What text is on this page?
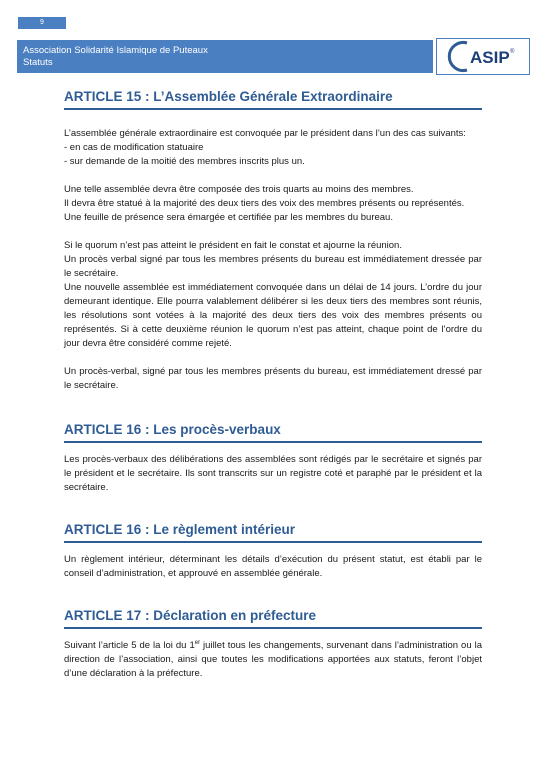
9
Association Solidarité Islamique de Puteaux
Statuts	ASIP ®
ARTICLE 15 : L’Assemblée Générale Extraordinaire

L’assemblée générale extraordinaire est convoquée par le président dans l’un des cas suivants:

- en cas de modification statuaire

- sur demande de la moitié des membres inscrits plus un.

Une telle assemblée devra être composée des trois quarts au moins des membres.

Il devra être statué à la majorité des deux tiers des voix des membres présents ou représentés.

Une feuille de présence sera émargée et certifiée par les membres du bureau.

Si le quorum n’est pas atteint le président en fait le constat et ajourne la réunion.

Un procès verbal signé par tous les membres présents du bureau est immédiatement dressée par le secrétaire.

Une nouvelle assemblée est immédiatement convoquée dans un délai de 14 jours. L’ordre du jour demeurant identique. Elle pourra valablement délibérer si les deux tiers des membres sont réunis, les résolutions sont votées à la majorité des deux tiers des voix des membres présents ou représentés. Si à cette deuxième réunion le quorum n’est pas atteint, chaque point de l’ordre du jour devra être considéré comme rejeté.

Un procès-verbal, signé par tous les membres présents du bureau, est immédiatement dressé par le secrétaire.

ARTICLE 16 : Les procès-verbaux

Les procès-verbaux des délibérations des assemblées sont rédigés par le secrétaire et signés par le président et le secrétaire. Ils sont transcrits sur un registre coté et paraphé par le président et la secrétaire.

ARTICLE 16 : Le règlement intérieur

Un règlement intérieur, déterminant les détails d’exécution du présent statut, est établi par le conseil d’administration, et approuvé en assemblée générale.

ARTICLE 17 : Déclaration en préfecture

Suivant l’article 5 de la loi du 1er juillet tous les changements, survenant dans l’administration ou la direction de l’association, ainsi que toutes les modifications apportées aux statuts, feront l’objet d’une déclaration à la préfecture.
